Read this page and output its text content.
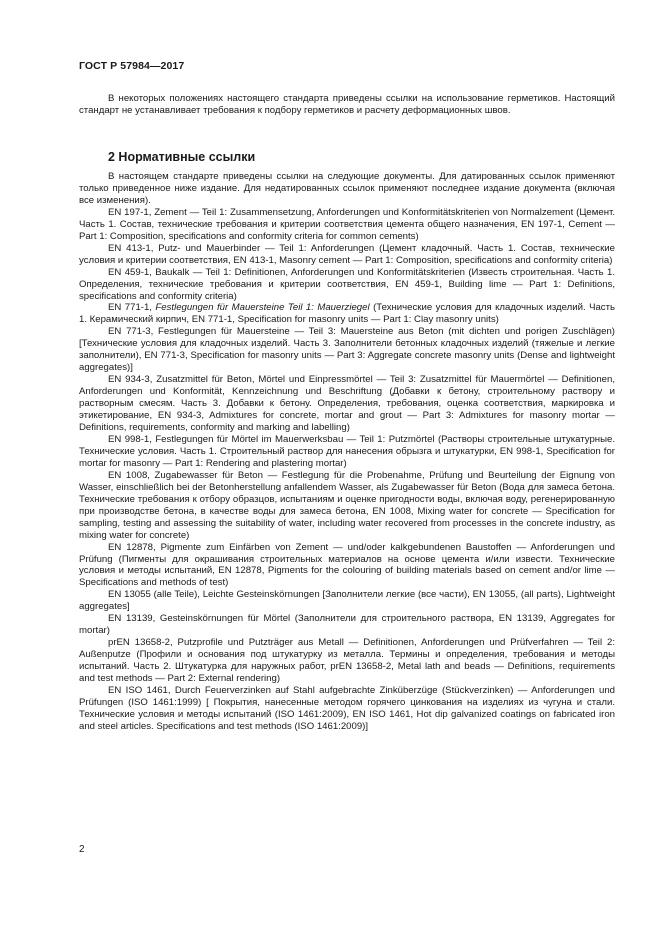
ГОСТ Р 57984—2017

В некоторых положениях настоящего стандарта приведены ссылки на использование герметиков. Настоящий стандарт не устанавливает требования к подбору герметиков и расчету деформационных швов.

2 Нормативные ссылки

В настоящем стандарте приведены ссылки на следующие документы. Для датированных ссылок применяют только приведенное ниже издание. Для недатированных ссылок применяют последнее издание документа (включая все изменения).

EN 197-1, Zement — Teil 1: Zusammensetzung, Anforderungen und Konformitätskriterien von Normalzement (Цемент. Часть 1. Состав, технические требования и критерии соответствия цемента общего назначения, EN 197-1, Cement — Part 1: Composition, specifications and conformity criteria for common cements)

EN 413-1, Putz- und Mauerbinder — Teil 1: Anforderungen (Цемент кладочный. Часть 1. Состав, технические условия и критерии соответствия, EN 413-1, Masonry cement — Part 1: Composition, specifications and conformity criteria)

EN 459-1, Baukalk — Teil 1: Definitionen, Anforderungen und Konformitätskriterien (Известь строительная. Часть 1. Определения, технические требования и критерии соответствия, EN 459-1, Building lime — Part 1: Definitions, specifications and conformity criteria)

EN 771-1, Festlegungen für Mauersteine Teil 1: Mauerziegel (Технические условия для кладочных изделий. Часть 1. Керамический кирпич, EN 771-1, Specification for masonry units — Part 1: Clay masonry units)

EN 771-3, Festlegungen für Mauersteine — Teil 3: Mauersteine aus Beton (mit dichten und porigen Zuschlägen) [Технические условия для кладочных изделий. Часть 3. Заполнители бетонных кладочных изделий (тяжелые и легкие заполнители), EN 771-3, Specification for masonry units — Part 3: Aggregate concrete masonry units (Dense and lightweight aggregates)]

EN 934-3, Zusatzmittel für Beton, Mörtel und Einpressmörtel — Teil 3: Zusatzmittel für Mauermörtel — Definitionen, Anforderungen und Konformität, Kennzeichnung und Beschriftung (Добавки к бетону, строительному раствору и растворным смесям. Часть 3. Добавки к бетону. Определения, требования, оценка соответствия, маркировка и этикетирование, EN 934-3, Admixtures for concrete, mortar and grout — Part 3: Admixtures for masonry mortar — Definitions, requirements, conformity and marking and labelling)

EN 998-1, Festlegungen für Mörtel im Mauerwerksbau — Teil 1: Putzmörtel (Растворы строительные штукатурные. Технические условия. Часть 1. Строительный раствор для нанесения обрызга и штукатурки, EN 998-1, Specification for mortar for masonry — Part 1: Rendering and plastering mortar)

EN 1008, Zugabewasser für Beton — Festlegung für die Probenahme, Prüfung und Beurteilung der Eignung von Wasser, einschließlich bei der Betonherstellung anfallendem Wasser, als Zugabewasser für Beton (Вода для замеса бетона. Технические требования к отбору образцов, испытаниям и оценке пригодности воды, включая воду, регенерированную при производстве бетона, в качестве воды для замеса бетона, EN 1008, Mixing water for concrete — Specification for sampling, testing and assessing the suitability of water, including water recovered from processes in the concrete industry, as mixing water for concrete)

EN 12878, Pigmente zum Einfärben von Zement — und/oder kalkgebundenen Baustoffen — Anforderungen und Prüfung (Пигменты для окрашивания строительных материалов на основе цемента и/или извести. Технические условия и методы испытаний, EN 12878, Pigments for the colouring of building materials based on cement and/or lime — Specifications and methods of test)

EN 13055 (alle Teile), Leichte Gesteinskörnungen [Заполнители легкие (все части), EN 13055, (all parts), Lightweight aggregates]

EN 13139, Gesteinskörnungen für Mörtel (Заполнители для строительного раствора, EN 13139, Aggregates for mortar)

prEN 13658-2, Putzprofile und Putzträger aus Metall — Definitionen, Anforderungen und Prüfverfahren — Teil 2: Außenputze (Профили и основания под штукатурку из металла. Термины и определения, требования и методы испытаний. Часть 2. Штукатурка для наружных работ, prEN 13658-2, Metal lath and beads — Definitions, requirements and test methods — Part 2: External rendering)

EN ISO 1461, Durch Feuerverzinken auf Stahl aufgebrachte Zinküberzüge (Stückverzinken) — Anforderungen und Prüfungen (ISO 1461:1999) [ Покрытия, нанесенные методом горячего цинкования на изделиях из чугуна и стали. Технические условия и методы испытаний (ISO 1461:2009), EN ISO 1461, Hot dip galvanized coatings on fabricated iron and steel articles. Specifications and test methods (ISO 1461:2009)]

2
